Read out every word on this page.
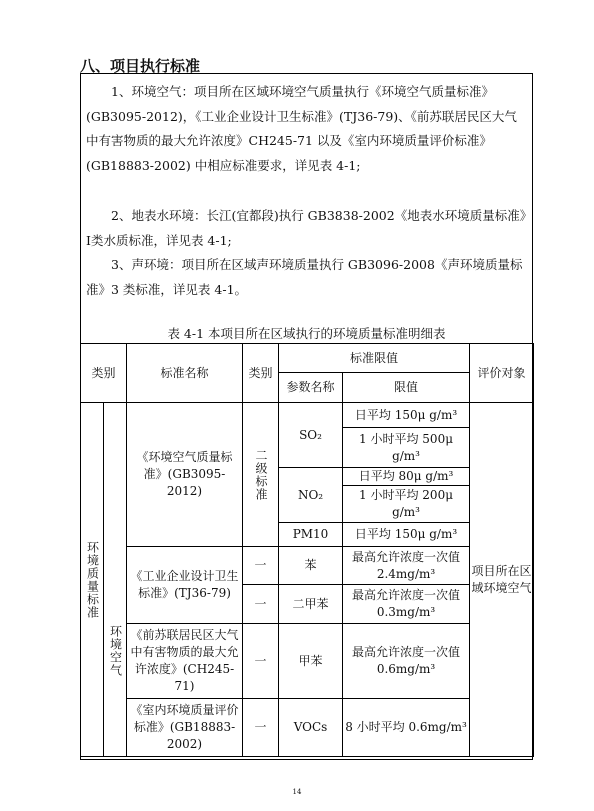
八、项目执行标准

1、环境空气：项目所在区域环境空气质量执行《环境空气质量标准》(GB3095-2012)，《工业企业设计卫生标准》(TJ36-79)、《前苏联居民区大气中有害物质的最大允许浓度》CH245-71 以及《室内环境质量评价标准》(GB18883-2002) 中相应标准要求，详见表 4-1;

2、地表水环境：长江(宜都段)执行 GB3838-2002《地表水环境质量标准》Ⅰ类水质标准，详见表 4-1;

3、声环境：项目所在区域声环境质量执行 GB3096-2008《声环境质量标准》3 类标准，详见表 4-1。

表 4-1 本项目所在区域执行的环境质量标准明细表
类别		标准名称	类别	标准限值		评价对象
				参数名称	限值	

环境质量标准		《环境空气质量标准》(GB3095-2012)	二级标准	SO₂	日平均 150μ g/m³	项目所在区域环境空气
					1 小时平均 500μ g/m³	
				NO₂	日平均 80μ g/m³	
					1 小时平均 200μ g/m³	
				PM10	日平均 150μ g/m³	

	环境空气	《工业企业设计卫生标准》(TJ36-79)	一	苯	最高允许浓度一次值 2.4mg/m³	
			一	二甲苯	最高允许浓度一次值 0.3mg/m³	
		《前苏联居民区大气中有害物质的最大允许浓度》(CH245-71)	一	甲苯	最高允许浓度一次值 0.6mg/m³	
		《室内环境质量评价标准》(GB18883-2002)	一	VOCs	8 小时平均 0.6mg/m³	
14
